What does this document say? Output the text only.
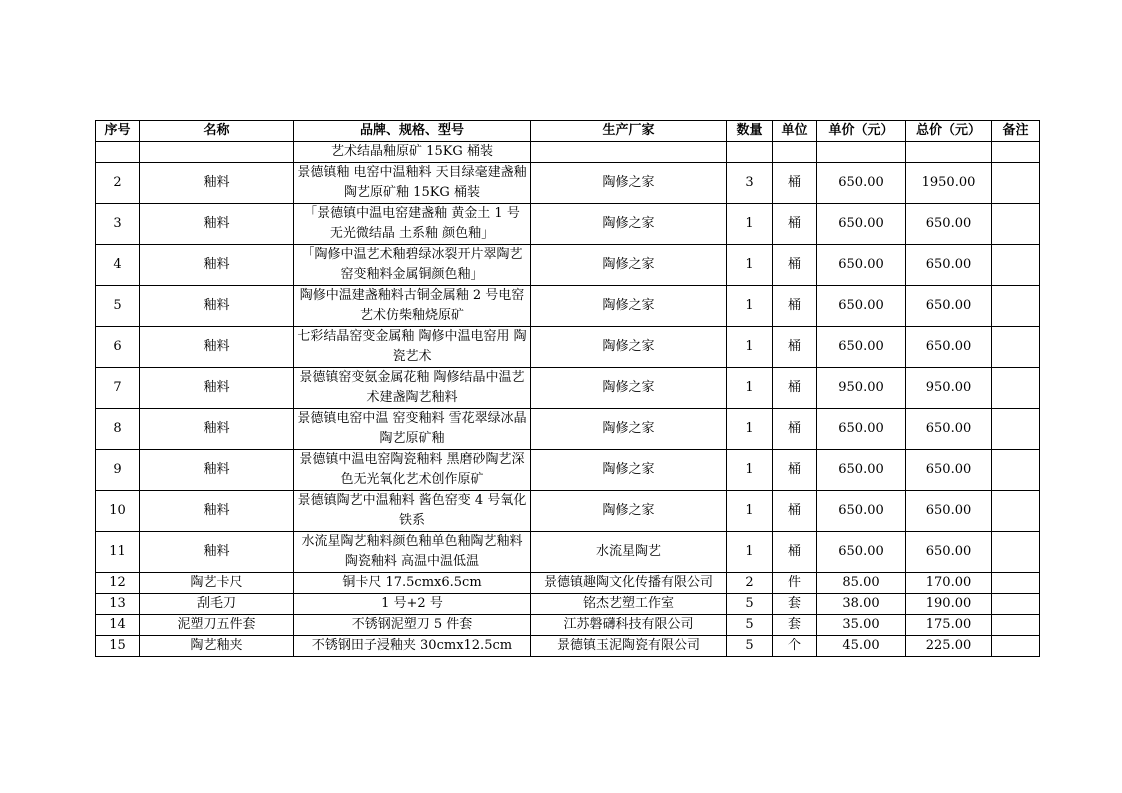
序号	名称	品牌、规格、型号	生产厂家	数量	单位	单价（元）	总价（元）	备注
		艺术结晶釉原矿 15KG 桶装						
2	釉料	景德镇釉 电窑中温釉料 天目绿毫建盏釉 陶艺原矿釉 15KG 桶装	陶修之家	3	桶	650.00	1950.00	
3	釉料	「景德镇中温电窑建盏釉 黄金土 1 号 无光微结晶 土系釉 颜色釉」	陶修之家	1	桶	650.00	650.00	
4	釉料	「陶修中温艺术釉碧绿冰裂开片翠陶艺窑变釉料金属铜颜色釉」	陶修之家	1	桶	650.00	650.00	
5	釉料	陶修中温建盏釉料古铜金属釉 2 号电窑艺术仿柴釉烧原矿	陶修之家	1	桶	650.00	650.00	
6	釉料	七彩结晶窑变金属釉 陶修中温电窑用 陶瓷艺术	陶修之家	1	桶	650.00	650.00	
7	釉料	景德镇窑变氨金属花釉 陶修结晶中温艺术建盏陶艺釉料	陶修之家	1	桶	950.00	950.00	
8	釉料	景德镇电窑中温 窑变釉料 雪花翠绿冰晶 陶艺原矿釉	陶修之家	1	桶	650.00	650.00	
9	釉料	景德镇中温电窑陶瓷釉料 黑磨砂陶艺深色无光氧化艺术创作原矿	陶修之家	1	桶	650.00	650.00	
10	釉料	景德镇陶艺中温釉料 酱色窑变 4 号氧化铁系	陶修之家	1	桶	650.00	650.00	
11	釉料	水流星陶艺釉料颜色釉单色釉陶艺釉料陶瓷釉料 高温中温低温	水流星陶艺	1	桶	650.00	650.00	
12	陶艺卡尺	铜卡尺 17.5cmx6.5cm	景德镇趣陶文化传播有限公司	2	件	85.00	170.00	
13	刮毛刀	1 号+2 号	铭杰艺塑工作室	5	套	38.00	190.00	
14	泥塑刀五件套	不锈钢泥塑刀 5 件套	江苏磐礴科技有限公司	5	套	35.00	175.00	
15	陶艺釉夹	不锈钢田子浸釉夹 30cmx12.5cm	景德镇玉泥陶瓷有限公司	5	个	45.00	225.00	
